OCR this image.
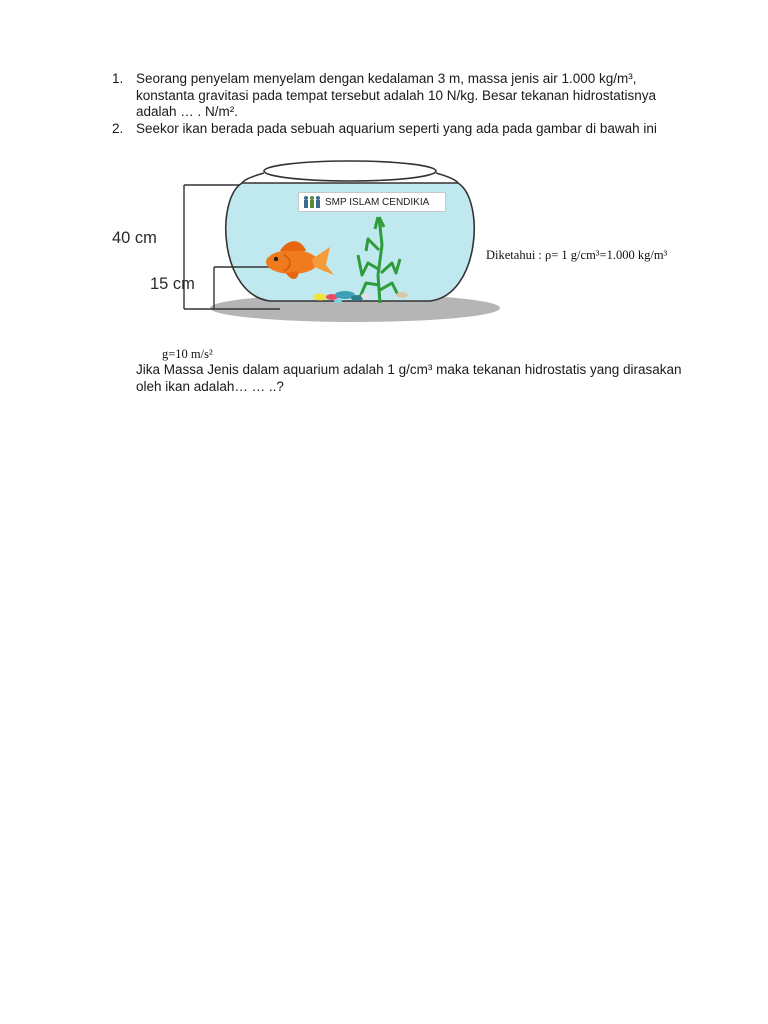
1. Seorang penyelam menyelam dengan kedalaman 3 m, massa jenis air 1.000 kg/m³, konstanta gravitasi pada tempat tersebut adalah 10 N/kg. Besar tekanan hidrostatisnya adalah … . N/m².
2. Seekor ikan berada pada sebuah aquarium seperti yang ada pada gambar di bawah ini
SMP ISLAM CENDIKIA
40 cm
15 cm
Diketahui : ρ= 1 g/cm³=1.000 kg/m³
g=10 m/s²
Jika Massa Jenis dalam aquarium adalah 1 g/cm³ maka tekanan hidrostatis yang dirasakan oleh ikan adalah… … ..?
